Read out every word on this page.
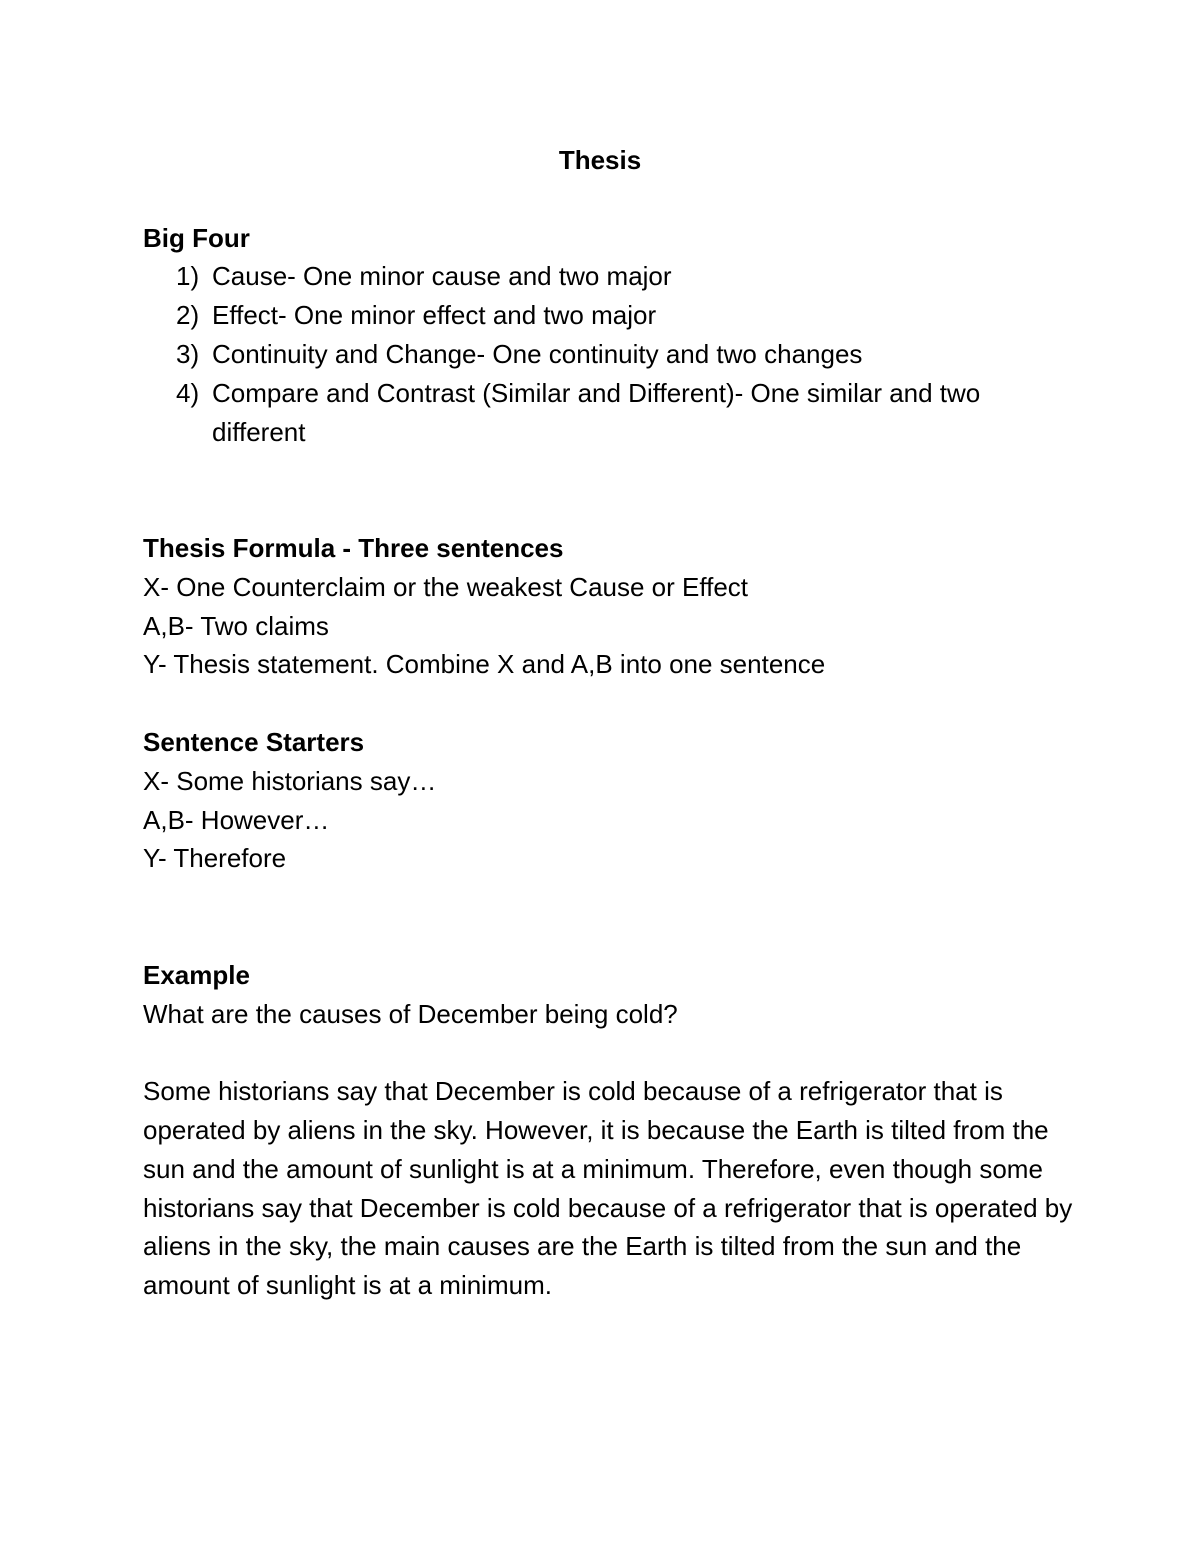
Thesis

Big Four

1) Cause- One minor cause and two major
2) Effect- One minor effect and two major
3) Continuity and Change- One continuity and two changes
4) Compare and Contrast (Similar and Different)- One similar and two different

Thesis Formula - Three sentences

X- One Counterclaim or the weakest Cause or Effect

A,B- Two claims

Y- Thesis statement. Combine X and A,B into one sentence

Sentence Starters

X- Some historians say…

A,B- However…

Y- Therefore

Example

What are the causes of December being cold?

Some historians say that December is cold because of a refrigerator that is operated by aliens in the sky. However, it is because the Earth is tilted from the sun and the amount of sunlight is at a minimum. Therefore, even though some historians say that December is cold because of a refrigerator that is operated by aliens in the sky, the main causes are the Earth is tilted from the sun and the amount of sunlight is at a minimum.
